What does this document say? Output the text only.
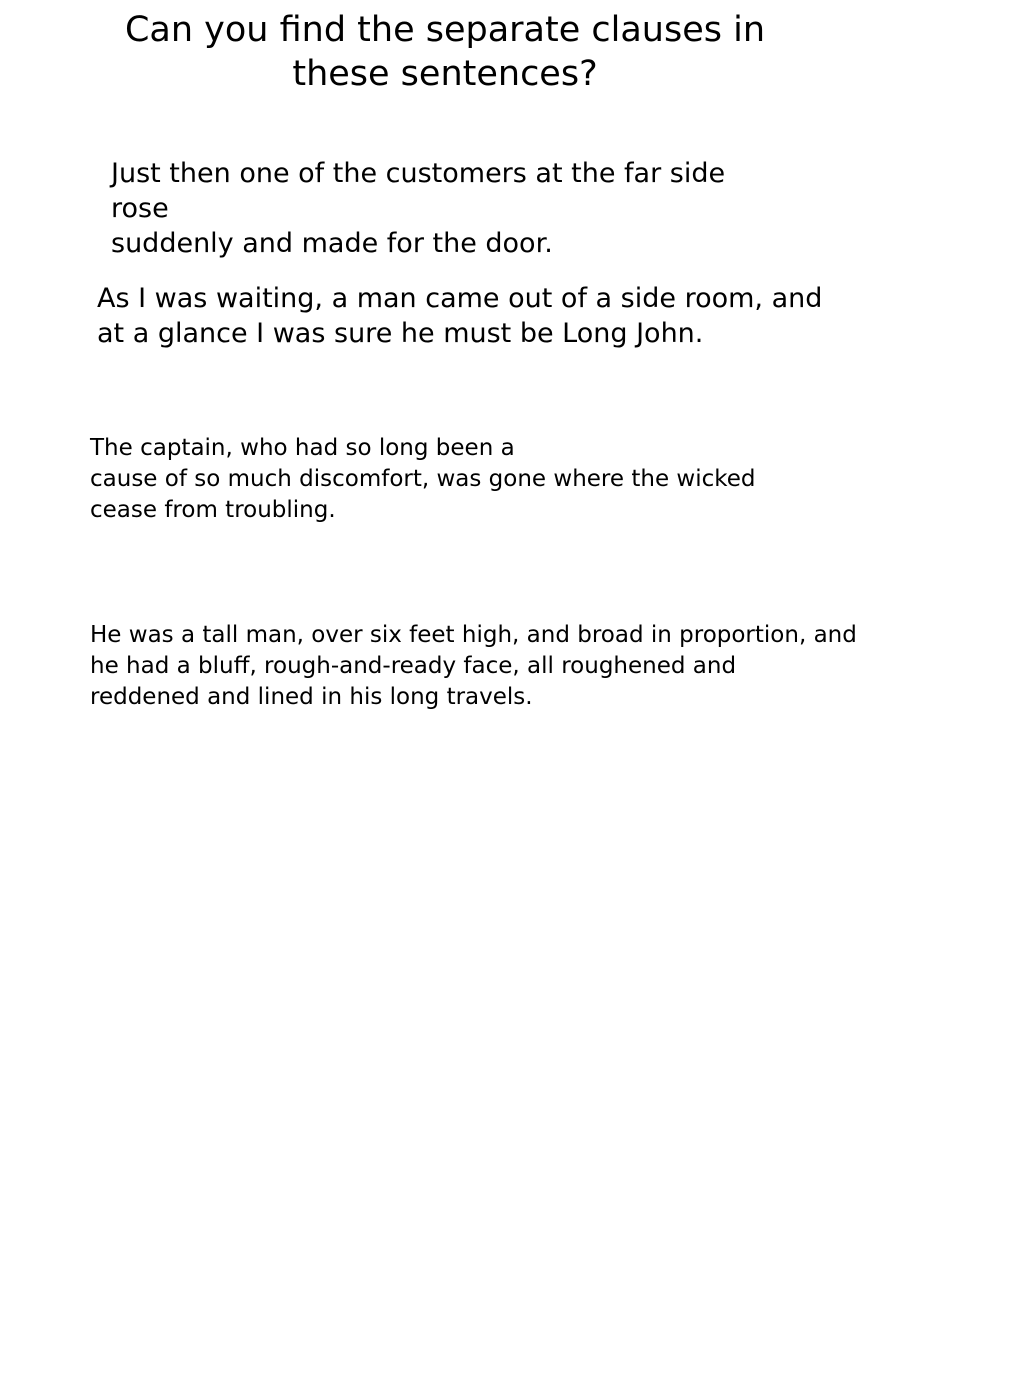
Can you find the separate clauses in
these sentences?

Just then one of the customers at the far side
rose
suddenly and made for the door.

As I was waiting, a man came out of a side room, and
at a glance I was sure he must be Long John.

The captain, who had so long been a
cause of so much discomfort, was gone where the wicked
cease from troubling.

He was a tall man, over six feet high, and broad in proportion, and
he had a bluff, rough-and-ready face, all roughened and
reddened and lined in his long travels.
